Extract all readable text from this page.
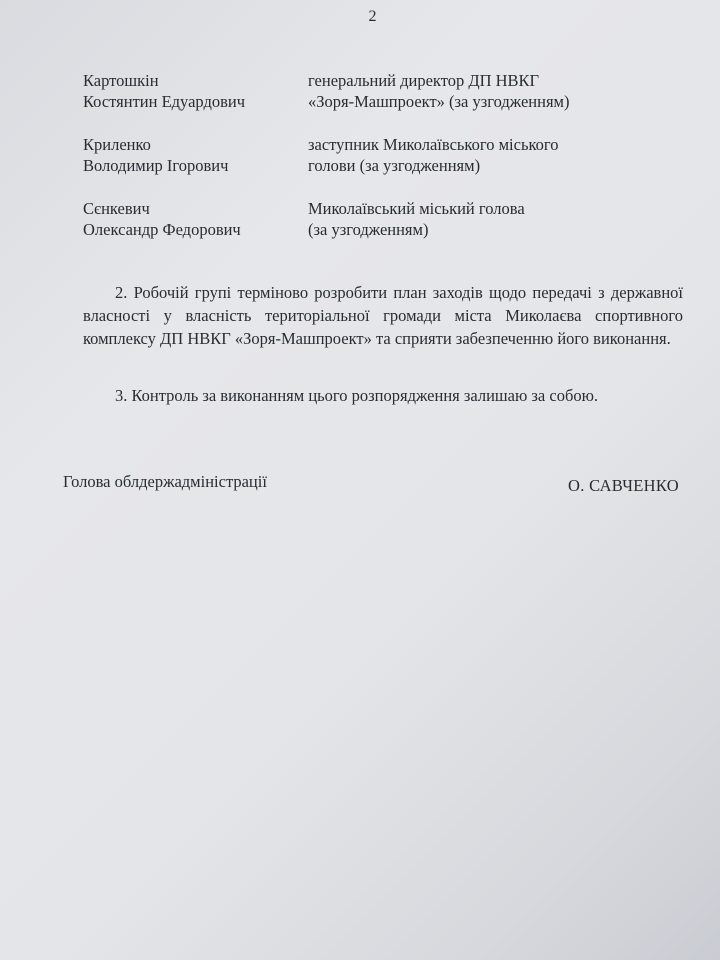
2
Картошкін
Костянтин Едуардович
генеральний директор ДП НВКГ
«Зоря-Машпроект» (за узгодженням)
Криленко
Володимир Ігорович
заступник Миколаївського міського
голови (за узгодженням)
Сєнкевич
Олександр Федорович
Миколаївський міський голова
(за узгодженням)
2. Робочій групі терміново розробити план заходів щодо передачі з державної власності у власність територіальної громади міста Миколаєва спортивного комплексу ДП НВКГ «Зоря-Машпроект» та сприяти забезпеченню його виконання.
3. Контроль за виконанням цього розпорядження залишаю за собою.
Голова облдержадміністрації	О. САВЧЕНКО
